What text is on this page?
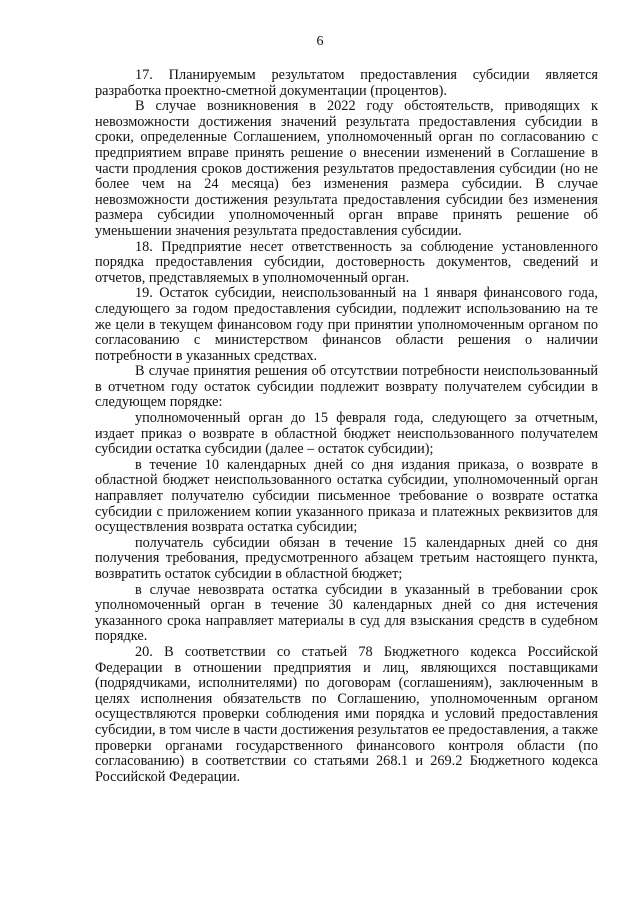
6

17. Планируемым результатом предоставления субсидии является разработка проектно-сметной документации (процентов).

В случае возникновения в 2022 году обстоятельств, приводящих к невозможности достижения значений результата предоставления субсидии в сроки, определенные Соглашением, уполномоченный орган по согласованию с предприятием вправе принять решение о внесении изменений в Соглашение в части продления сроков достижения результатов предоставления субсидии (но не более чем на 24 месяца) без изменения размера субсидии. В случае невозможности достижения результата предоставления субсидии без изменения размера субсидии уполномоченный орган вправе принять решение об уменьшении значения результата предоставления субсидии.

18. Предприятие несет ответственность за соблюдение установленного порядка предоставления субсидии, достоверность документов, сведений и отчетов, представляемых в уполномоченный орган.

19. Остаток субсидии, неиспользованный на 1 января финансового года, следующего за годом предоставления субсидии, подлежит использованию на те же цели в текущем финансовом году при принятии уполномоченным органом по согласованию с министерством финансов области решения о наличии потребности в указанных средствах.

В случае принятия решения об отсутствии потребности неиспользованный в отчетном году остаток субсидии подлежит возврату получателем субсидии в следующем порядке:

уполномоченный орган до 15 февраля года, следующего за отчетным, издает приказ о возврате в областной бюджет неиспользованного получателем субсидии остатка субсидии (далее – остаток субсидии);

в течение 10 календарных дней со дня издания приказа, о возврате в областной бюджет неиспользованного остатка субсидии, уполномоченный орган направляет получателю субсидии письменное требование о возврате остатка субсидии с приложением копии указанного приказа и платежных реквизитов для осуществления возврата остатка субсидии;

получатель субсидии обязан в течение 15 календарных дней со дня получения требования, предусмотренного абзацем третьим настоящего пункта, возвратить остаток субсидии в областной бюджет;

в случае невозврата остатка субсидии в указанный в требовании срок уполномоченный орган в течение 30 календарных дней со дня истечения указанного срока направляет материалы в суд для взыскания средств в судебном порядке.

20. В соответствии со статьей 78 Бюджетного кодекса Российской Федерации в отношении предприятия и лиц, являющихся поставщиками (подрядчиками, исполнителями) по договорам (соглашениям), заключенным в целях исполнения обязательств по Соглашению, уполномоченным органом осуществляются проверки соблюдения ими порядка и условий предоставления субсидии, в том числе в части достижения результатов ее предоставления, а также проверки органами государственного финансового контроля области (по согласованию) в соответствии со статьями 268.1 и 269.2 Бюджетного кодекса Российской Федерации.
